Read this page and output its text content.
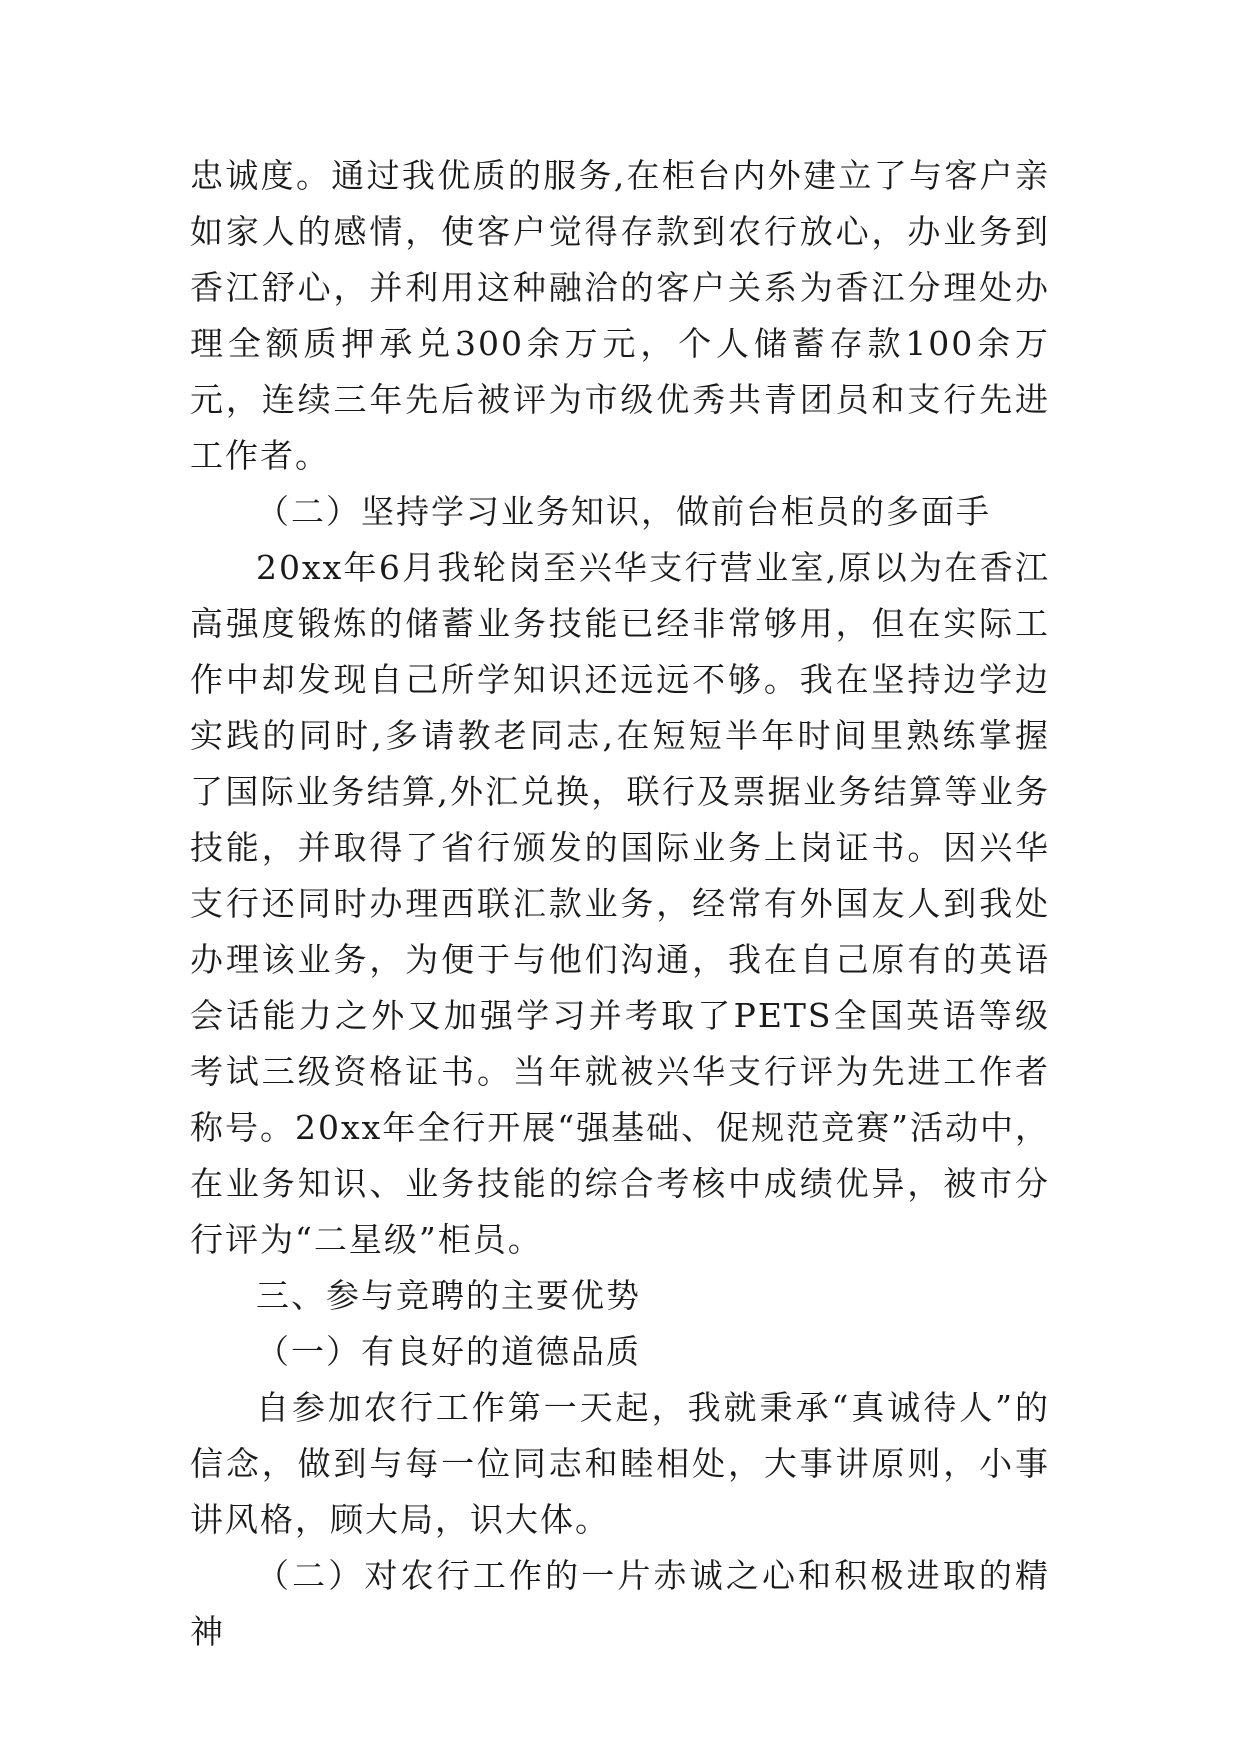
忠诚度。通过我优质的服务,在柜台内外建立了与客户亲如家人的感情，使客户觉得存款到农行放心，办业务到香江舒心，并利用这种融洽的客户关系为香江分理处办理全额质押承兑300余万元，个人储蓄存款100余万元，连续三年先后被评为市级优秀共青团员和支行先进工作者。

（二）坚持学习业务知识，做前台柜员的多面手

20xx年6月我轮岗至兴华支行营业室,原以为在香江高强度锻炼的储蓄业务技能已经非常够用，但在实际工作中却发现自己所学知识还远远不够。我在坚持边学边实践的同时,多请教老同志,在短短半年时间里熟练掌握了国际业务结算,外汇兑换，联行及票据业务结算等业务技能，并取得了省行颁发的国际业务上岗证书。因兴华支行还同时办理西联汇款业务，经常有外国友人到我处办理该业务，为便于与他们沟通，我在自己原有的英语会话能力之外又加强学习并考取了PETS全国英语等级考试三级资格证书。当年就被兴华支行评为先进工作者称号。20xx年全行开展“强基础、促规范竞赛”活动中，在业务知识、业务技能的综合考核中成绩优异，被市分行评为“二星级”柜员。

三、参与竞聘的主要优势

（一）有良好的道德品质

自参加农行工作第一天起，我就秉承“真诚待人”的信念，做到与每一位同志和睦相处，大事讲原则，小事讲风格，顾大局，识大体。

（二）对农行工作的一片赤诚之心和积极进取的精神
